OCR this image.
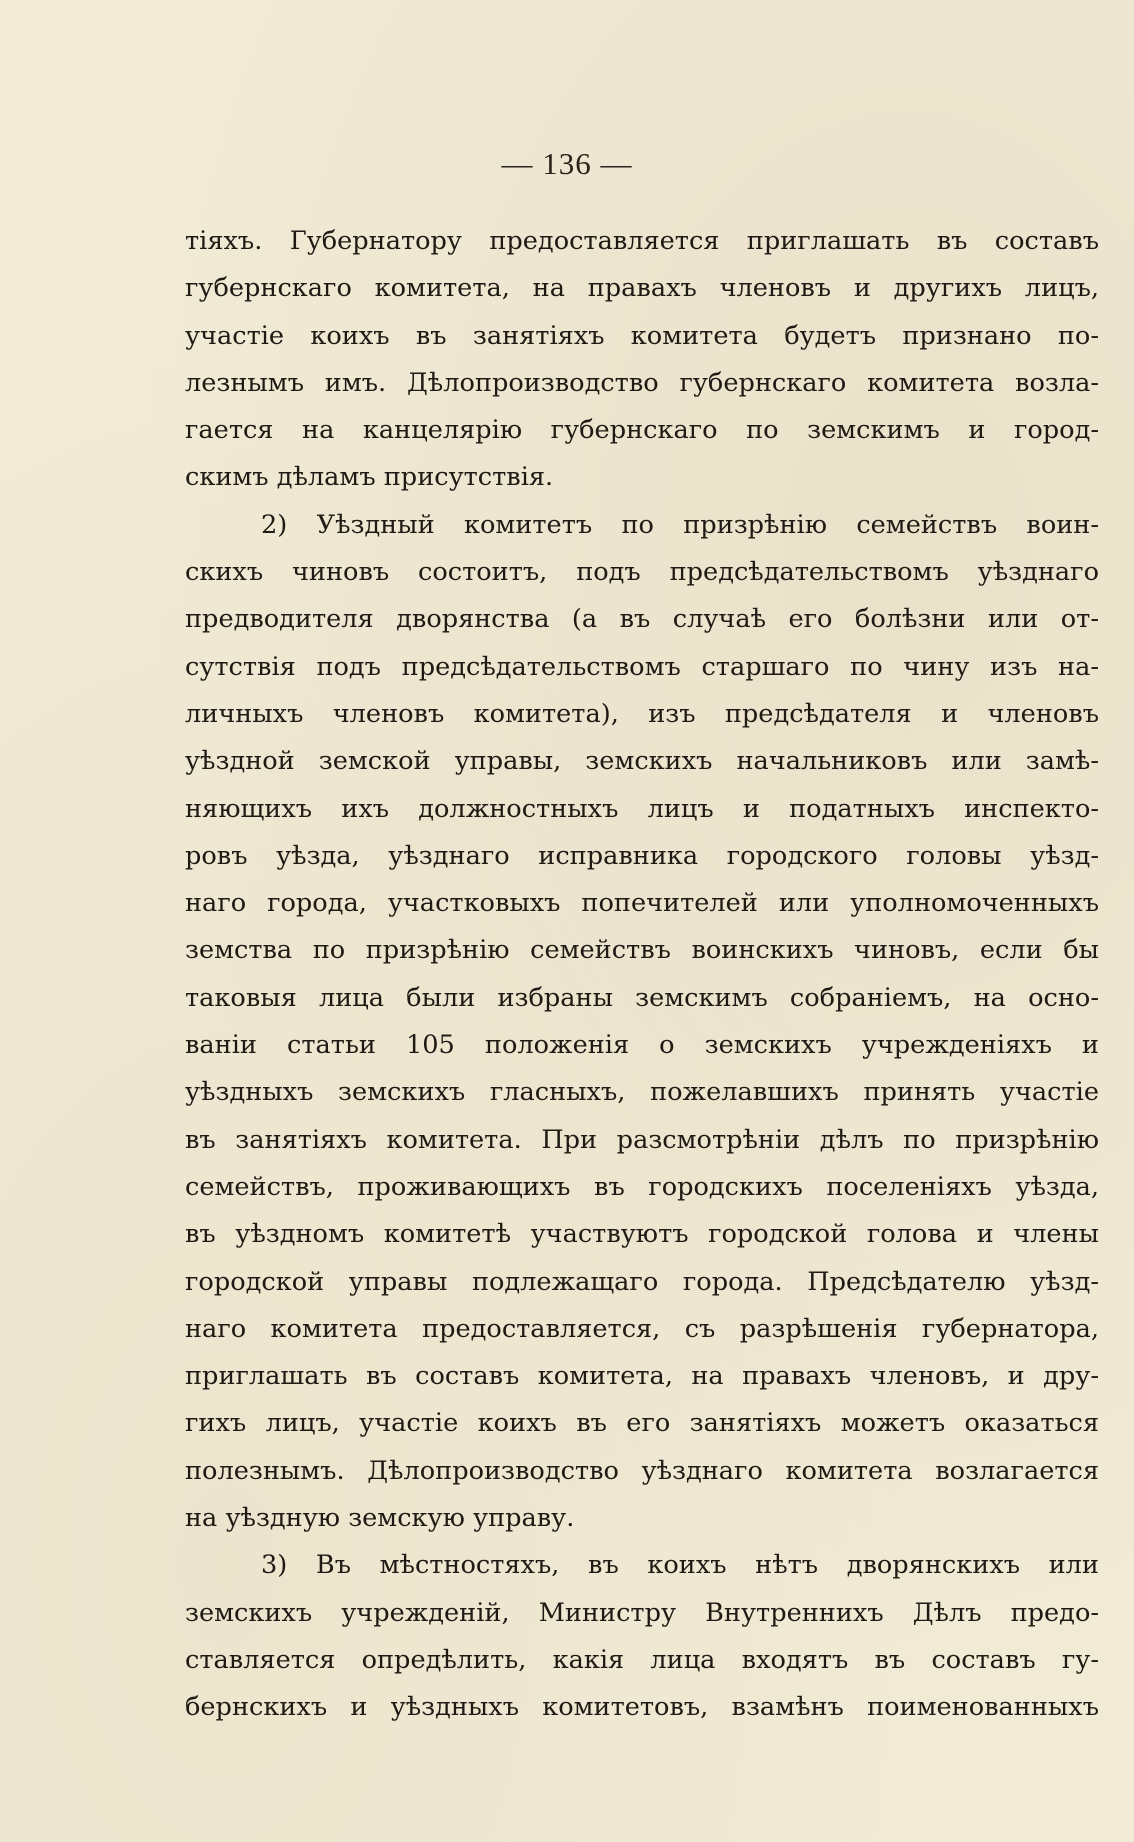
— 136 —
тіяхъ. Губернатору предоставляется приглашать въ составъ
губернскаго комитета, на правахъ членовъ и другихъ лицъ,
участіе коихъ въ занятіяхъ комитета будетъ признано по-
лезнымъ имъ. Дѣлопроизводство губернскаго комитета возла-
гается на канцелярію губернскаго по земскимъ и город-
скимъ дѣламъ присутствія.
2) Уѣздный комитетъ по призрѣнію семействъ воин-
скихъ чиновъ состоитъ, подъ предсѣдательствомъ уѣзднаго
предводителя дворянства (а въ случаѣ его болѣзни или от-
сутствія подъ предсѣдательствомъ старшаго по чину изъ на-
личныхъ членовъ комитета), изъ предсѣдателя и членовъ
уѣздной земской управы, земскихъ начальниковъ или замѣ-
няющихъ ихъ должностныхъ лицъ и податныхъ инспекто-
ровъ уѣзда, уѣзднаго исправника городского головы уѣзд-
наго города, участковыхъ попечителей или уполномоченныхъ
земства по призрѣнію семействъ воинскихъ чиновъ, если бы
таковыя лица были избраны земскимъ собраніемъ, на осно-
ваніи статьи 105 положенія о земскихъ учрежденіяхъ и
уѣздныхъ земскихъ гласныхъ, пожелавшихъ принять участіе
въ занятіяхъ комитета. При разсмотрѣніи дѣлъ по призрѣнію
семействъ, проживающихъ въ городскихъ поселеніяхъ уѣзда,
въ уѣздномъ комитетѣ участвуютъ городской голова и члены
городской управы подлежащаго города. Предсѣдателю уѣзд-
наго комитета предоставляется, съ разрѣшенія губернатора,
приглашать въ составъ комитета, на правахъ членовъ, и дру-
гихъ лицъ, участіе коихъ въ его занятіяхъ можетъ оказаться
полезнымъ. Дѣлопроизводство уѣзднаго комитета возлагается
на уѣздную земскую управу.
3) Въ мѣстностяхъ, въ коихъ нѣтъ дворянскихъ или
земскихъ учрежденій, Министру Внутреннихъ Дѣлъ предо-
ставляется опредѣлить, какія лица входятъ въ составъ гу-
бернскихъ и уѣздныхъ комитетовъ, взамѣнъ поименованныхъ
